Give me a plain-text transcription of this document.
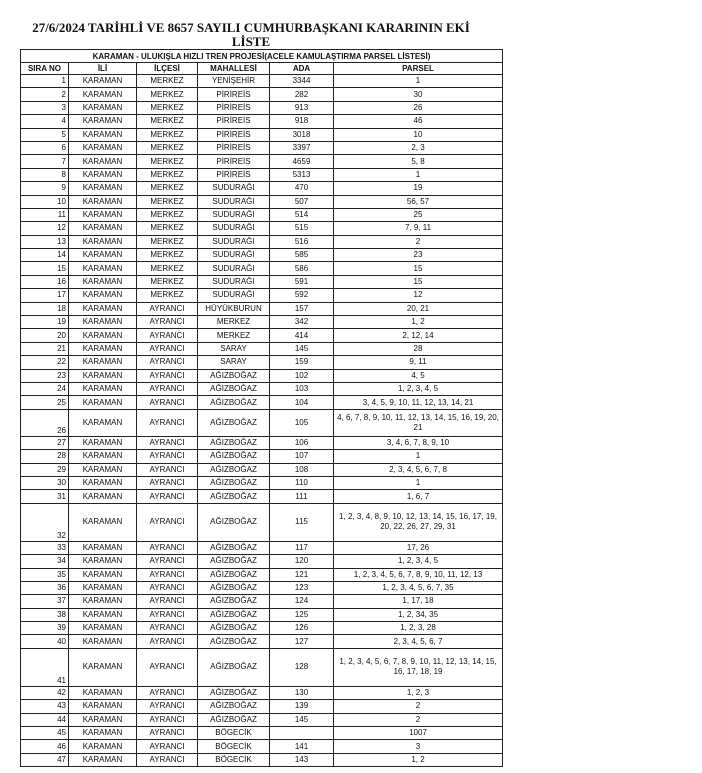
27/6/2024 TARİHLİ VE 8657 SAYILI CUMHURBAŞKANI KARARININ EKİ
LİSTE
KARAMAN - ULUKIŞLA HIZLI TREN PROJESİ(ACELE KAMULAŞTIRMA PARSEL LİSTESİ)					
SIRA NO	İLİ	İLÇESİ	MAHALLESİ	ADA	PARSEL
1	KARAMAN	MERKEZ	YENİŞEHİR	3344	1
2	KARAMAN	MERKEZ	PİRİREİS	282	30
3	KARAMAN	MERKEZ	PİRİREİS	913	26
4	KARAMAN	MERKEZ	PİRİREİS	918	46
5	KARAMAN	MERKEZ	PİRİREİS	3018	10
6	KARAMAN	MERKEZ	PİRİREİS	3397	2, 3
7	KARAMAN	MERKEZ	PİRİREİS	4659	5, 8
8	KARAMAN	MERKEZ	PİRİREİS	5313	1
9	KARAMAN	MERKEZ	SUDURAĞI	470	19
10	KARAMAN	MERKEZ	SUDURAĞI	507	56, 57
11	KARAMAN	MERKEZ	SUDURAĞI	514	25
12	KARAMAN	MERKEZ	SUDURAĞI	515	7, 9, 11
13	KARAMAN	MERKEZ	SUDURAĞI	516	2
14	KARAMAN	MERKEZ	SUDURAĞI	585	23
15	KARAMAN	MERKEZ	SUDURAĞI	586	15
16	KARAMAN	MERKEZ	SUDURAĞI	591	15
17	KARAMAN	MERKEZ	SUDURAĞI	592	12
18	KARAMAN	AYRANCI	HÜYÜKBURUN	157	20, 21
19	KARAMAN	AYRANCI	MERKEZ	342	1, 2
20	KARAMAN	AYRANCI	MERKEZ	414	2, 12, 14
21	KARAMAN	AYRANCI	SARAY	145	28
22	KARAMAN	AYRANCI	SARAY	159	9, 11
23	KARAMAN	AYRANCI	AĞIZBOĞAZ	102	4, 5
24	KARAMAN	AYRANCI	AĞIZBOĞAZ	103	1, 2, 3, 4, 5
25	KARAMAN	AYRANCI	AĞIZBOĞAZ	104	3, 4, 5, 9, 10, 11, 12, 13, 14, 21
26	KARAMAN	AYRANCI	AĞIZBOĞAZ	105	4, 6, 7, 8, 9, 10, 11, 12, 13, 14, 15, 16, 19, 20, 21
27	KARAMAN	AYRANCI	AĞIZBOĞAZ	106	3, 4, 6, 7, 8, 9, 10
28	KARAMAN	AYRANCI	AĞIZBOĞAZ	107	1
29	KARAMAN	AYRANCI	AĞIZBOĞAZ	108	2, 3, 4, 5, 6, 7, 8
30	KARAMAN	AYRANCI	AĞIZBOĞAZ	110	1
31	KARAMAN	AYRANCI	AĞIZBOĞAZ	111	1, 6, 7
32	KARAMAN	AYRANCI	AĞIZBOĞAZ	115	1, 2, 3, 4, 8, 9, 10, 12, 13, 14, 15, 16, 17, 19, 20, 22, 26, 27, 29, 31
33	KARAMAN	AYRANCI	AĞIZBOĞAZ	117	17, 26
34	KARAMAN	AYRANCI	AĞIZBOĞAZ	120	1, 2, 3, 4, 5
35	KARAMAN	AYRANCI	AĞIZBOĞAZ	121	1, 2, 3, 4, 5, 6, 7, 8, 9, 10, 11, 12, 13
36	KARAMAN	AYRANCI	AĞIZBOĞAZ	123	1, 2, 3, 4, 5, 6, 7, 35
37	KARAMAN	AYRANCI	AĞIZBOĞAZ	124	1, 17, 18
38	KARAMAN	AYRANCI	AĞIZBOĞAZ	125	1, 2, 34, 35
39	KARAMAN	AYRANCI	AĞIZBOĞAZ	126	1, 2, 3, 28
40	KARAMAN	AYRANCI	AĞIZBOĞAZ	127	2, 3, 4, 5, 6, 7
41	KARAMAN	AYRANCI	AĞIZBOĞAZ	128	1, 2, 3, 4, 5, 6, 7, 8, 9, 10, 11, 12, 13, 14, 15, 16, 17, 18, 19
42	KARAMAN	AYRANCI	AĞIZBOĞAZ	130	1, 2, 3
43	KARAMAN	AYRANCI	AĞIZBOĞAZ	139	2
44	KARAMAN	AYRANCI	AĞIZBOĞAZ	145	2
45	KARAMAN	AYRANCI	BÖGECİK		1007
46	KARAMAN	AYRANCI	BÖGECİK	141	3
47	KARAMAN	AYRANCI	BÖGECİK	143	1, 2
